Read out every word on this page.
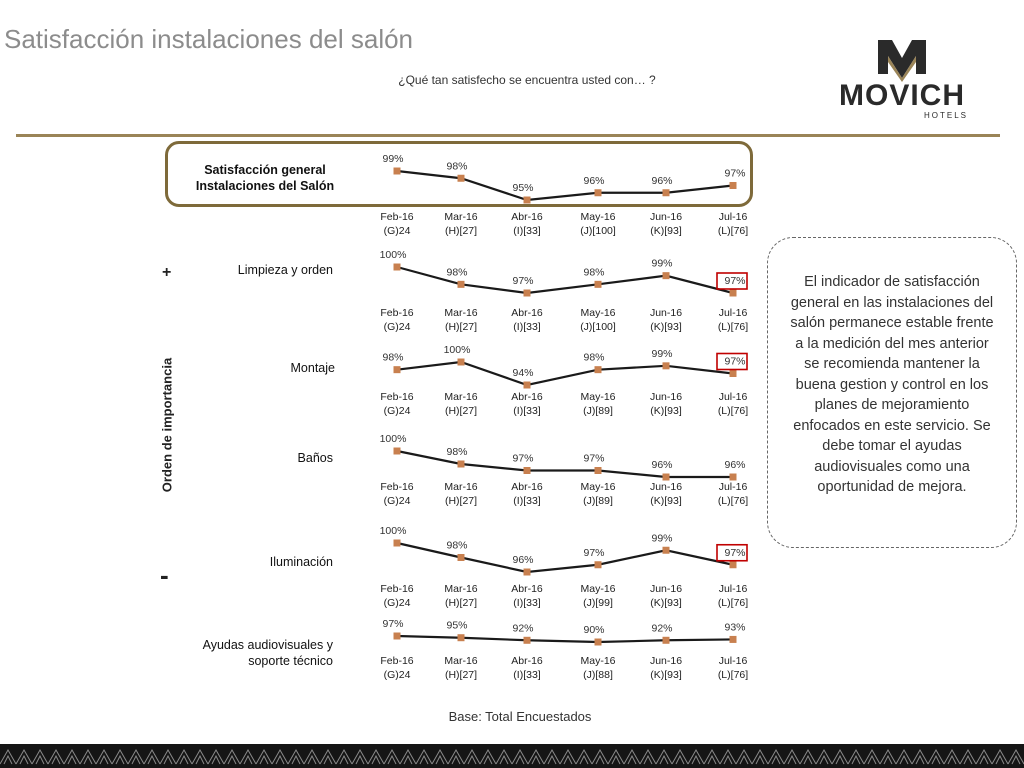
Satisfacción instalaciones del salón
¿Qué tan satisfecho se encuentra usted con… ?	MOVICH
HOTELS
Satisfacción general Instalaciones del Salón
Limpieza y orden
Montaje
Baños
Iluminación
Ayudas audiovisuales y soporte técnico
Orden de importancia
+
-
99%
Feb-16
(G)24
98%
Mar-16
(H)[27]
95%
Abr-16
(I)[33]
96%
May-16
(J)[100]
96%
Jun-16
(K)[93]
97%
Jul-16
(L)[76]
100%
Feb-16
(G)24
98%
Mar-16
(H)[27]
97%
Abr-16
(I)[33]
98%
May-16
(J)[100]
99%
Jun-16
(K)[93]
97%
Jul-16
(L)[76]
98%
Feb-16
(G)24
100%
Mar-16
(H)[27]
94%
Abr-16
(I)[33]
98%
May-16
(J)[89]
99%
Jun-16
(K)[93]
97%
Jul-16
(L)[76]
100%
Feb-16
(G)24
98%
Mar-16
(H)[27]
97%
Abr-16
(I)[33]
97%
May-16
(J)[89]
96%
Jun-16
(K)[93]
96%
Jul-16
(L)[76]
100%
Feb-16
(G)24
98%
Mar-16
(H)[27]
96%
Abr-16
(I)[33]
97%
May-16
(J)[99]
99%
Jun-16
(K)[93]
97%
Jul-16
(L)[76]
97%
Feb-16
(G)24
95%
Mar-16
(H)[27]
92%
Abr-16
(I)[33]
90%
May-16
(J)[88]
92%
Jun-16
(K)[93]
93%
Jul-16
(L)[76]
El indicador de satisfacción general en las instalaciones del salón permanece estable frente a la medición del mes anterior se recomienda mantener la buena gestion y control en los planes de mejoramiento enfocados en este servicio. Se debe tomar el ayudas audiovisuales como una oportunidad de mejora.
Base: Total Encuestados
